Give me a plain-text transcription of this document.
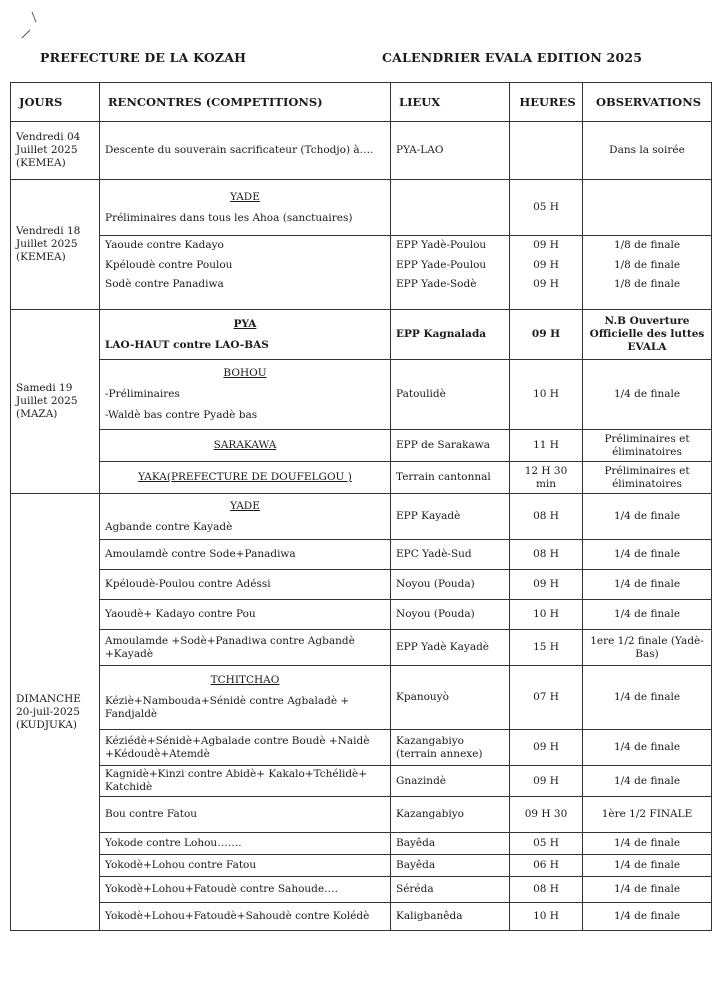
PREFECTURE DE LA KOZAH	CALENDRIER EVALA EDITION 2025
JOURS	RENCONTRES (COMPETITIONS)	LIEUX	HEURES	OBSERVATIONS
Vendredi 04 Juillet 2025 (KEMEA)	Descente du souverain sacrificateur (Tchodjo) à….	PYA-LAO		Dans la soirée
Vendredi 18 Juillet 2025 (KEMEA)	YADE
Préliminaires dans tous les Ahoa (sanctuaires)		05 H	
	Yaoude contre Kadayo	EPP Yadè-Poulou	09 H	1/8 de finale
	Kpéloudè contre Poulou	EPP Yade-Poulou	09 H	1/8 de finale
	Sodè contre Panadiwa	EPP Yade-Sodè	09 H	1/8 de finale
Samedi 19 Juillet 2025 (MAZA)	PYA
LAO-HAUT contre LAO-BAS	EPP Kagnalada	09 H	N.B Ouverture Officielle des luttes EVALA

	BOHOU
-Préliminaires
-Waldè bas contre Pyadè bas	Patoulidè	10 H	1/4 de finale

	SARAKAWA	EPP de Sarakawa	11 H	Préliminaires et éliminatoires

	YAKA(PREFECTURE DE DOUFELGOU )	Terrain cantonnal	12 H 30 min	Préliminaires et éliminatoires
DIMANCHE 20-juil-2025 (KUDJUKA)	YADE
Agbande contre Kayadè	EPP Kayadè	08 H	1/4 de finale
	Amoulamdè contre Sode+Panadiwa	EPC Yadè-Sud	08 H	1/4 de finale
	Kpéloudè-Poulou contre Adéssi	Noyou (Pouda)	09 H	1/4 de finale
	Yaoudè+ Kadayo contre Pou	Noyou (Pouda)	10 H	1/4 de finale
	Amoulamde +Sodè+Panadiwa contre Agbandè +Kayadè	EPP Yadè Kayadè	15 H	1ere 1/2 finale (Yadè-Bas)

	TCHITCHAO
Kéziè+Nambouda+Sénidè contre Agbaladè + Fandjaldè	Kpanouyò	07 H	1/4 de finale
	Kéziédè+Sénidè+Agbalade contre Boudè +Naidè +Kédoudè+Atemdè	Kazangabiyo (terrain annexe)	09 H	1/4 de finale
	Kagnidè+Kinzi contre Abidè+ Kakalo+Tchélidè+ Katchidè	Gnazindè	09 H	1/4 de finale
	Bou contre Fatou	Kazangabiyo	09 H 30	1ère 1/2 FINALE
	Yokode contre Lohou…….	Bayêda	05 H	1/4 de finale
	Yokodè+Lohou contre Fatou	Bayêda	06 H	1/4 de finale
	Yokodè+Lohou+Fatoudè contre Sahoude….	Séréda	08 H	1/4 de finale
	Yokodè+Lohou+Fatoudè+Sahoudè contre Kolédè	Kaligbanêda	10 H	1/4 de finale
